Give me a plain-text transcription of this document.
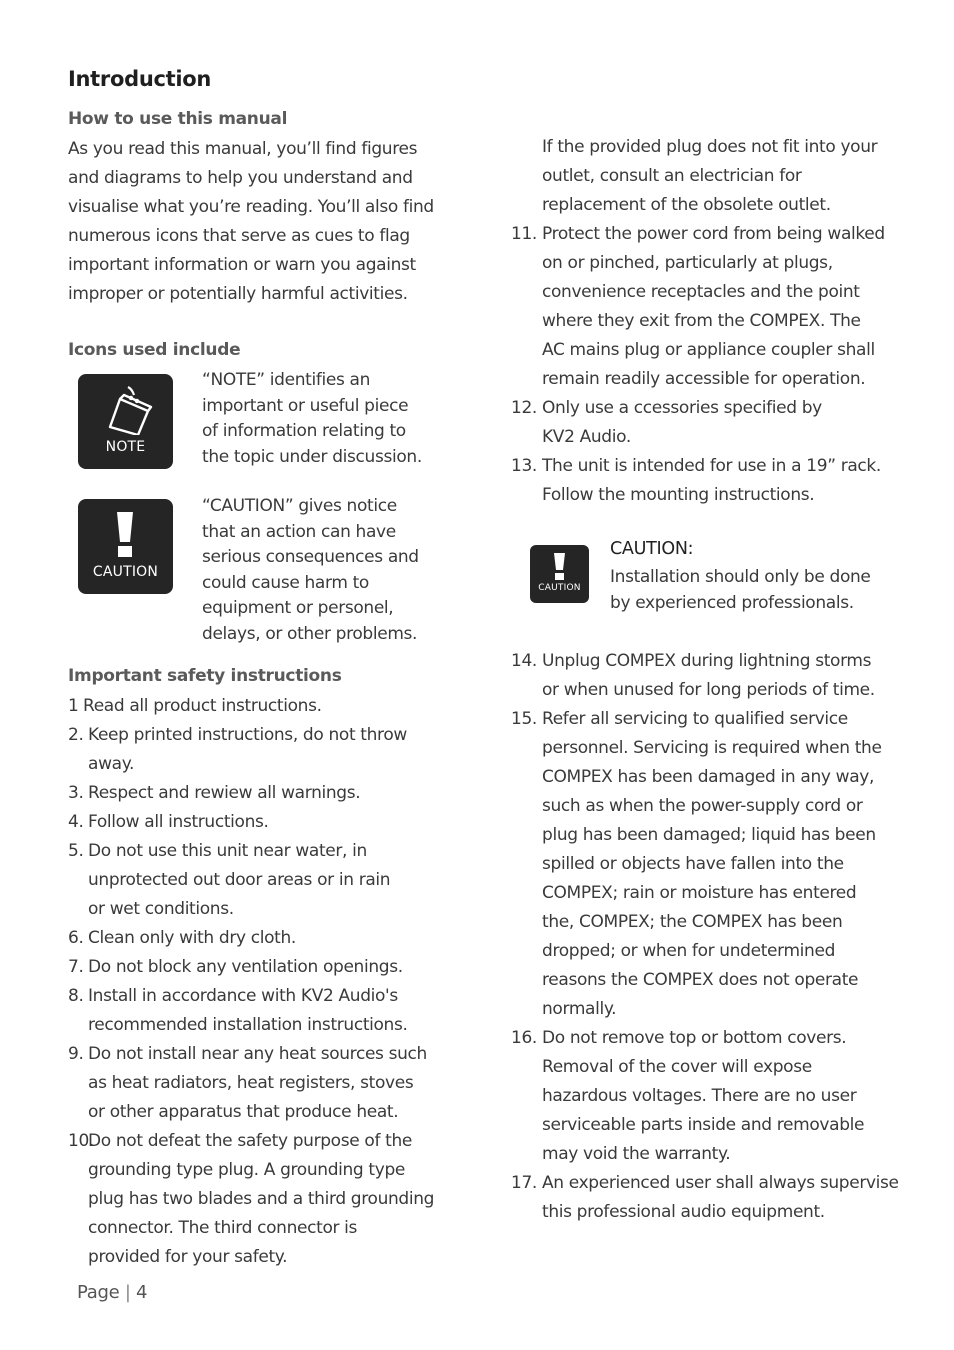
Introduction
How to use this manual
As you read this manual, you’ll find figures
and diagrams to help you understand and
visualise what you’re reading. You’ll also find
numerous icons that serve as cues to flag
important information or warn you against
improper or potentially harmful activities.
Icons used include
NOTE
“NOTE” identifies an
important or useful piece
of information relating to
the topic under discussion.
CAUTION
“CAUTION” gives notice
that an action can have
serious consequences and
could cause harm to
equipment or personel,
delays, or other problems.
Important safety instructions
1 Read all product instructions.
2. Keep printed instructions, do not throw
away.
3. Respect and rewiew all warnings.
4. Follow all instructions.
5. Do not use this unit near water, in
unprotected out door areas or in rain
or wet conditions.
6. Clean only with dry cloth.
7. Do not block any ventilation openings.
8. Install in accordance with KV2 Audio's
recommended installation instructions.
9. Do not install near any heat sources such
as heat radiators, heat registers, stoves
or other apparatus that produce heat.
10.
Do not defeat the safety purpose of the
grounding type plug. A grounding type
plug has two blades and a third grounding
connector. The third connector is
provided for your safety.
If the provided plug does not fit into your
outlet, consult an electrician for
replacement of the obsolete outlet.
11. Protect the power cord from being walked
on or pinched, particularly at plugs,
convenience receptacles and the point
where they exit from the COMPEX. The
AC mains plug or appliance coupler shall
remain readily accessible for operation.
12. Only use a ccessories specified by
KV2 Audio.
13. The unit is intended for use in a 19” rack.
Follow the mounting instructions.
CAUTION
CAUTION:
Installation should only be done
by experienced professionals.
14. Unplug COMPEX during lightning storms
or when unused for long periods of time.
15. Refer all servicing to qualified service
personnel. Servicing is required when the
COMPEX has been damaged in any way,
such as when the power-supply cord or
plug has been damaged; liquid has been
spilled or objects have fallen into the
COMPEX; rain or moisture has entered
the, COMPEX; the COMPEX has been
dropped; or when for undetermined
reasons the COMPEX does not operate
normally.
16. Do not remove top or bottom covers.
Removal of the cover will expose
hazardous voltages. There are no user
serviceable parts inside and removable
may void the warranty.
17. An experienced user shall always supervise
this professional audio equipment.
Page | 4
